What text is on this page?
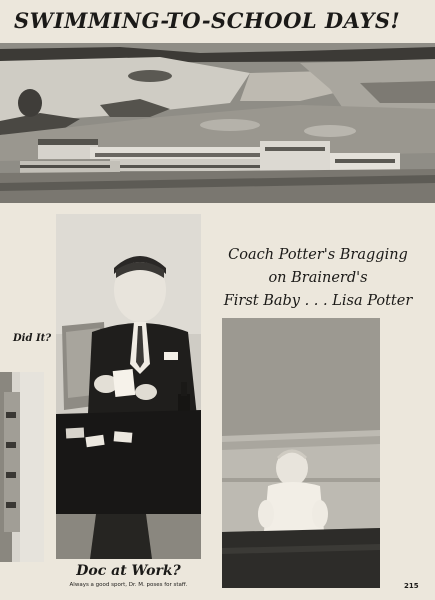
SWIMMING-TO-SCHOOL DAYS!
Coach Potter's Bragging
on Brainerd's
First Baby . . . Lisa Potter
Did It?
Doc at Work?
Always a good sport, Dr. M. poses for staff.	215
